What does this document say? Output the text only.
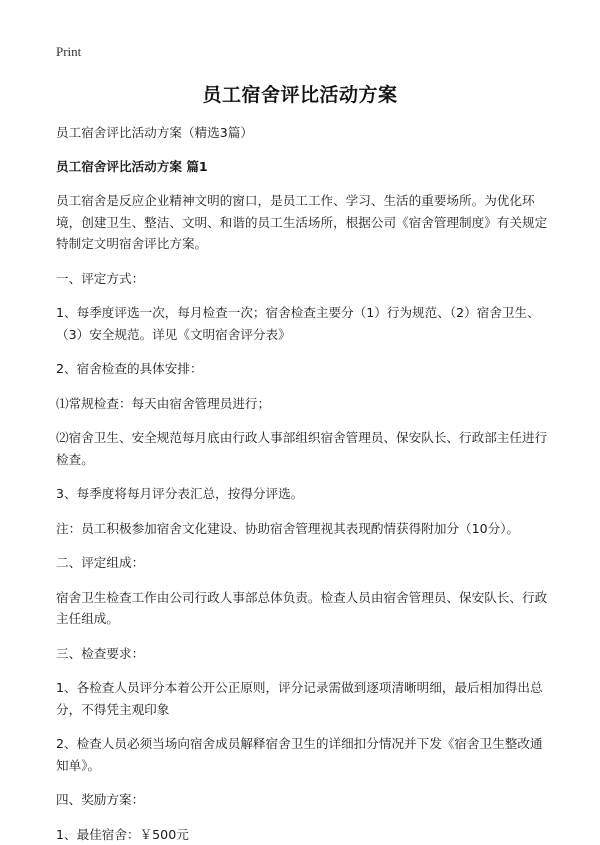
Print
员工宿舍评比活动方案

员工宿舍评比活动方案（精选3篇）

员工宿舍评比活动方案 篇1

员工宿舍是反应企业精神文明的窗口，是员工工作、学习、生活的重要场所。为优化环境，创建卫生、整洁、文明、和谐的员工生活场所，根据公司《宿舍管理制度》有关规定特制定文明宿舍评比方案。

一、评定方式：

1、每季度评选一次，每月检查一次；宿舍检查主要分（1）行为规范、（2）宿舍卫生、（3）安全规范。详见《文明宿舍评分表》

2、宿舍检查的具体安排：

⑴常规检查：每天由宿舍管理员进行；

⑵宿舍卫生、安全规范每月底由行政人事部组织宿舍管理员、保安队长、行政部主任进行检查。

3、每季度将每月评分表汇总，按得分评选。

注：员工积极参加宿舍文化建设、协助宿舍管理视其表现酌情获得附加分（10分）。

二、评定组成：

宿舍卫生检查工作由公司行政人事部总体负责。检查人员由宿舍管理员、保安队长、行政主任组成。

三、检查要求：

1、各检查人员评分本着公开公正原则，评分记录需做到逐项清晰明细，最后相加得出总分，不得凭主观印象

2、检查人员必须当场向宿舍成员解释宿舍卫生的详细扣分情况并下发《宿舍卫生整改通知单》。

四、奖励方案：

1、最佳宿舍：￥500元
